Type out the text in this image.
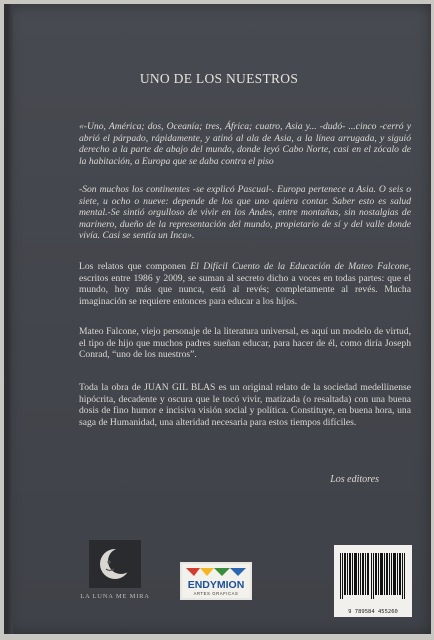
UNO DE LOS NUESTROS

«-Uno, América; dos, Oceanía; tres, África; cuatro, Asia y... -dudó- ...cinco -cerró y abrió el párpado, rápidamente, y atinó al ala de Asia, a la línea arrugada, y siguió derecho a la parte de abajo del mundo, donde leyó Cabo Norte, casi en el zócalo de la habitación, a Europa que se daba contra el piso

-Son muchos los continentes -se explicó Pascual-. Europa pertenece a Asia. O seis o siete, u ocho o nueve: depende de los que uno quiera contar. Saber esto es salud mental.-Se sintió orgulloso de vivir en los Andes, entre montañas, sin nostalgias de marinero, dueño de la representación del mundo, propietario de sí y del valle donde vivía. Casi se sentía un Inca».

Los relatos que componen El Difícil Cuento de la Educación de Mateo Falcone, escritos entre 1986 y 2009, se suman al secreto dicho a voces en todas partes: que el mundo, hoy más que nunca, está al revés; completamente al revés. Mucha imaginación se requiere entonces para educar a los hijos.

Mateo Falcone, viejo personaje de la literatura universal, es aquí un modelo de virtud, el tipo de hijo que muchos padres sueñan educar, para hacer de él, como diría Joseph Conrad, “uno de los nuestros”.

Toda la obra de JUAN GIL BLAS es un original relato de la sociedad medellinense hipócrita, decadente y oscura que le tocó vivir, matizada (o resaltada) con una buena dosis de fino humor e incisiva visión social y política. Constituye, en buena hora, una saga de Humanidad, una alteridad necesaria para estos tiempos difíciles.

Los editores
LA LUNA ME MIRA
ENDYMION
ARTES GRAFICAS
9 789584 455260
